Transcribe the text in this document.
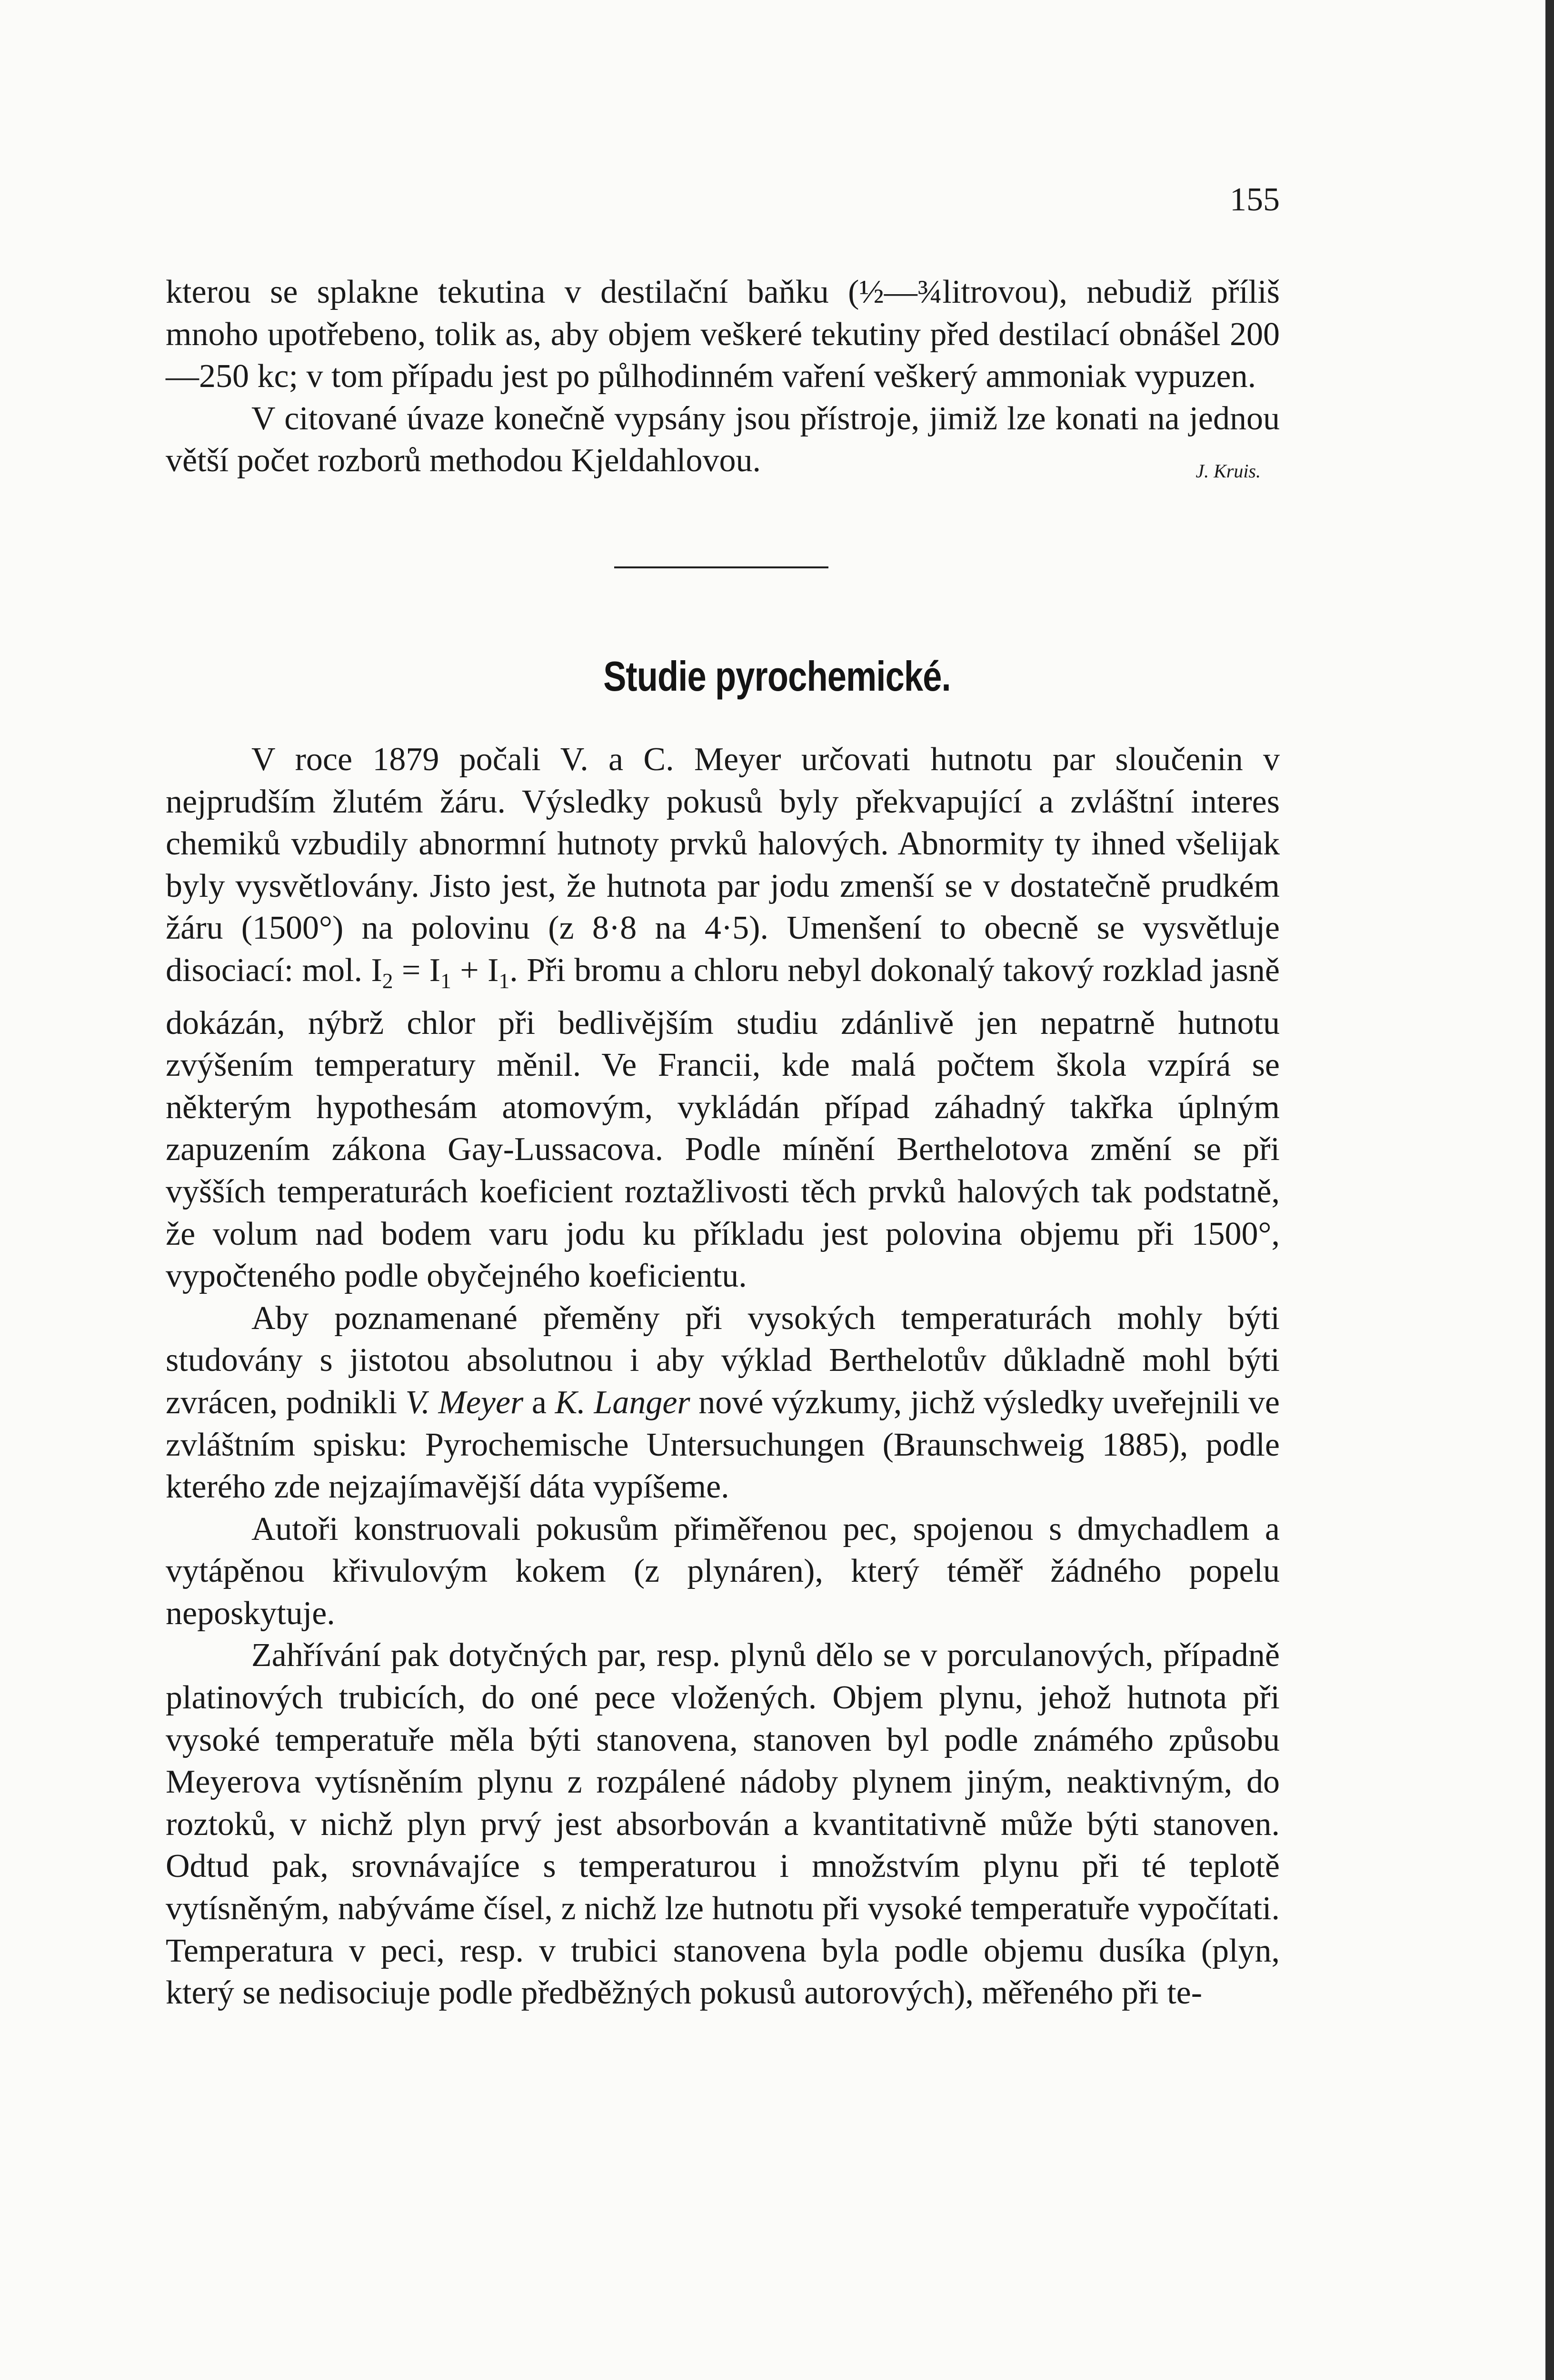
155

kterou se splakne tekutina v destilační baňku (½—¾litrovou), nebudiž příliš mnoho upotřebeno, tolik as, aby objem veškeré tekutiny před destilací obnášel 200—250 kc; v tom případu jest po půlhodinném vaření veškerý ammoniak vypuzen.

V citované úvaze konečně vypsány jsou přístroje, jimiž lze konati na jednou větší počet rozborů methodou Kjeldahlovou.	J. Kruis.

Studie pyrochemické.

V roce 1879 počali V. a C. Meyer určovati hutnotu par sloučenin v nejprudším žlutém žáru. Výsledky pokusů byly překvapující a zvláštní interes chemiků vzbudily abnormní hutnoty prvků halových. Abnormity ty ihned všelijak byly vysvětlovány. Jisto jest, že hutnota par jodu zmenší se v dostatečně prudkém žáru (1500°) na polovinu (z 8·8 na 4·5). Umenšení to obecně se vysvětluje disociací: mol. $I_2 = I_1 + I_1$. Při bromu a chloru nebyl dokonalý takový rozklad jasně dokázán, nýbrž chlor při bedlivějším studiu zdánlivě jen nepatrně hutnotu zvýšením temperatury měnil. Ve Francii, kde malá počtem škola vzpírá se některým hypothesám atomovým, vykládán případ záhadný takřka úplným zapuzením zákona Gay-Lussacova. Podle mínění Berthelotova změní se při vyšších temperaturách koeficient roztažlivosti těch prvků halových tak podstatně, že volum nad bodem varu jodu ku příkladu jest polovina objemu při 1500°, vypočteného podle obyčejného koeficientu.

Aby poznamenané přeměny při vysokých temperaturách mohly býti studovány s jistotou absolutnou i aby výklad Berthelotův důkladně mohl býti zvrácen, podnikli V. Meyer a K. Langer nové výzkumy, jichž výsledky uveřejnili ve zvláštním spisku: Pyrochemische Untersuchungen (Braunschweig 1885), podle kterého zde nejzajímavější dáta vypíšeme.

Autoři konstruovali pokusům přiměřenou pec, spojenou s dmychadlem a vytápěnou křivulovým kokem (z plynáren), který téměř žádného popelu neposkytuje.

Zahřívání pak dotyčných par, resp. plynů dělo se v porculanových, případně platinových trubicích, do oné pece vložených. Objem plynu, jehož hutnota při vysoké temperatuře měla býti stanovena, stanoven byl podle známého způsobu Meyerova vytísněním plynu z rozpálené nádoby plynem jiným, neaktivným, do roztoků, v nichž plyn prvý jest absorbován a kvantitativně může býti stanoven. Odtud pak, srovnávajíce s temperaturou i množstvím plynu při té teplotě vytísněným, nabýváme čísel, z nichž lze hutnotu při vysoké temperatuře vypočítati. Temperatura v peci, resp. v trubici stanovena byla podle objemu dusíka (plyn, který se nedisociuje podle předběžných pokusů autorových), měřeného při te-
